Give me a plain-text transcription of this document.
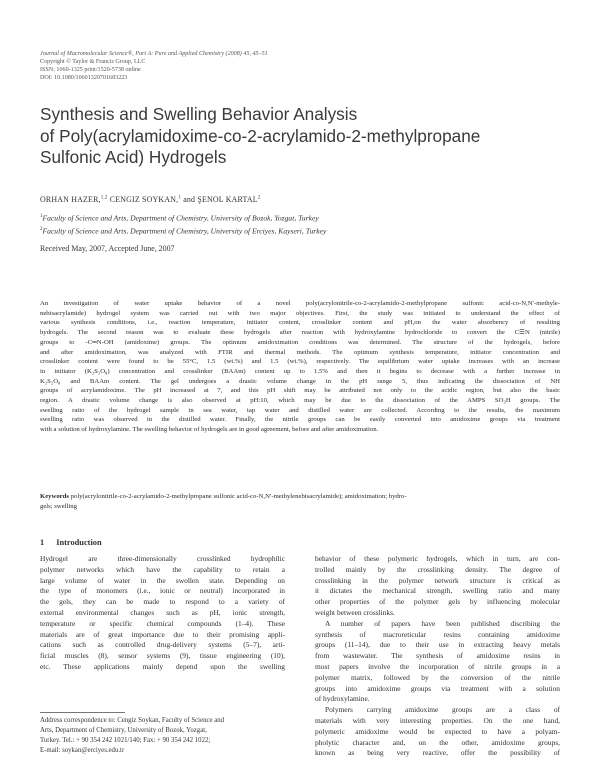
Journal of Macromolecular Science®, Part A: Pure and Applied Chemistry (2008) 45, 45–51
Copyright © Taylor & Francis Group, LLC
ISSN: 1060-1325 print/1520-5738 online
DOI: 10.1080/10601320701683223
Synthesis and Swelling Behavior Analysis
of Poly(acrylamidoxime-co-2-acrylamido-2-methylpropane
Sulfonic Acid) Hydrogels
ORHAN HAZER,$^{1,2}$ CENGIZ SOYKAN,$^1$ and ŞENOL KARTAL$^2$
$^1$Faculty of Science and Arts, Department of Chemistry, University of Bozok, Yozgat, Turkey
$^2$Faculty of Science and Arts, Department of Chemistry, University of Erciyes, Kayseri, Turkey
Received May, 2007, Accepted June, 2007
An investigation of water uptake behavior of a novel poly(acrylonitrile-co-2-acrylamido-2-methylpropane sulfonic acid-co-N,N′-methyle-
nebisacrylamide) hydrogel system was carried out with two major objectives. First, the study was initiated to understand the effect of
various synthesis conditions, i.e., reaction temperature, initiator content, crosslinker content and pH,on the water absorbency of resulting
hydrogels. The second reason was to evaluate these hydrogels after reaction with hydroxylamine hydrochloride to convert the C☰N (nitrile)
groups to -C═N-OH (amidoxime) groups. The optimum amidoximation conditions was determined. The structure of the hydrogels, before
and after amidoximation, was analyzed with FTIR and thermal methods. The optimum synthesis temperature, initiator concentration and
crosslinker content were found to be 55°C, 1.5 (wt.%) and 1.5 (wt.%), respectively. The equilibrium water uptake increases with an increase
in initiator (K₂S₂O₈) concentration and crosslinker (BAAm) content up to 1.5% and then it begins to decrease with a further increase in
K₂S₂O₈ and BAAm content. The gel undergoes a drastic volume change in the pH range 5, thus indicating the dissociation of NH
groups of acrylamidoxime. The pH increased at 7, and this pH shift may be attributed not only to the acidic region, but also the basic
region. A drastic volume change is also observed at pH:10, which may be due to the dissociation of the AMPS SO₃H groups. The
swelling ratio of the hydrogel sample in sea water, tap water and distilled water are collected. According to the results, the maximum
swelling ratio was observed in the distilled water. Finally, the nitrile groups can be easily converted into amidoxime groups via treatment
with a solution of hydroxylamine. The swelling behavior of hydrogels are in good agreement, before and after amidoximation.
Keywords poly(acrylonitrile-co-2-acrylamido-2-methylpropane sulfonic acid-co-N,N′-methylenebisacrylamide); amidoximation; hydro-
gels; swelling
1 Introduction
Hydrogel are three-dimensionally crosslinked hydrophilic
polymer networks which have the capability to retain a
large volume of water in the swollen state. Depending on
the type of monomers (i.e., ionic or neutral) incorporated in
the gels, they can be made to respond to a variety of
external environmental changes such as pH, ionic strength,
temperature or specific chemical compounds (1–4). These
materials are of great importance due to their promising appli-
cations such as controlled drug-delivery systems (5–7), arti-
ficial muscles (8), sensor systems (9), tissue engineering (10),
etc. These applications mainly depend upon the swelling
behavior of these polymeric hydrogels, which in turn, are con-
trolled mainly by the crosslinking density. The degree of
crosslinking in the polymer network structure is critical as
it dictates the mechanical strength, swelling ratio and many
other properties of the polymer gels by influencing molecular
weight between crosslinks.
A number of papers have been published discribing the
synthesis of macroreticular resins containing amidoxime
groups (11–14), due to their use in extracting heavy metals
from wastewater. The synthesis of amidoxime resins in
most papers involve the incorporation of nitrile groups in a
polymer matrix, followed by the conversion of the nitrile
groups into amidoxime groups via treatment with a solution
of hydroxylamine.
Polymers carrying amidoxime groups are a class of
materials with very interesting properties. On the one hand,
polymeric amidoxime would be expected to have a polyam-
pholytic character and, on the other, amidoxime groups,
known as being very reactive, offer the possibility of
Address correspondence to: Cengiz Soykan, Faculty of Science and
Arts, Department of Chemistry, University of Bozok, Yozgat,
Turkey. Tel.: + 90 354 242 1021/140; Fax: + 90 354 242 1022;
E-mail: soykan@erciyes.edu.tr
